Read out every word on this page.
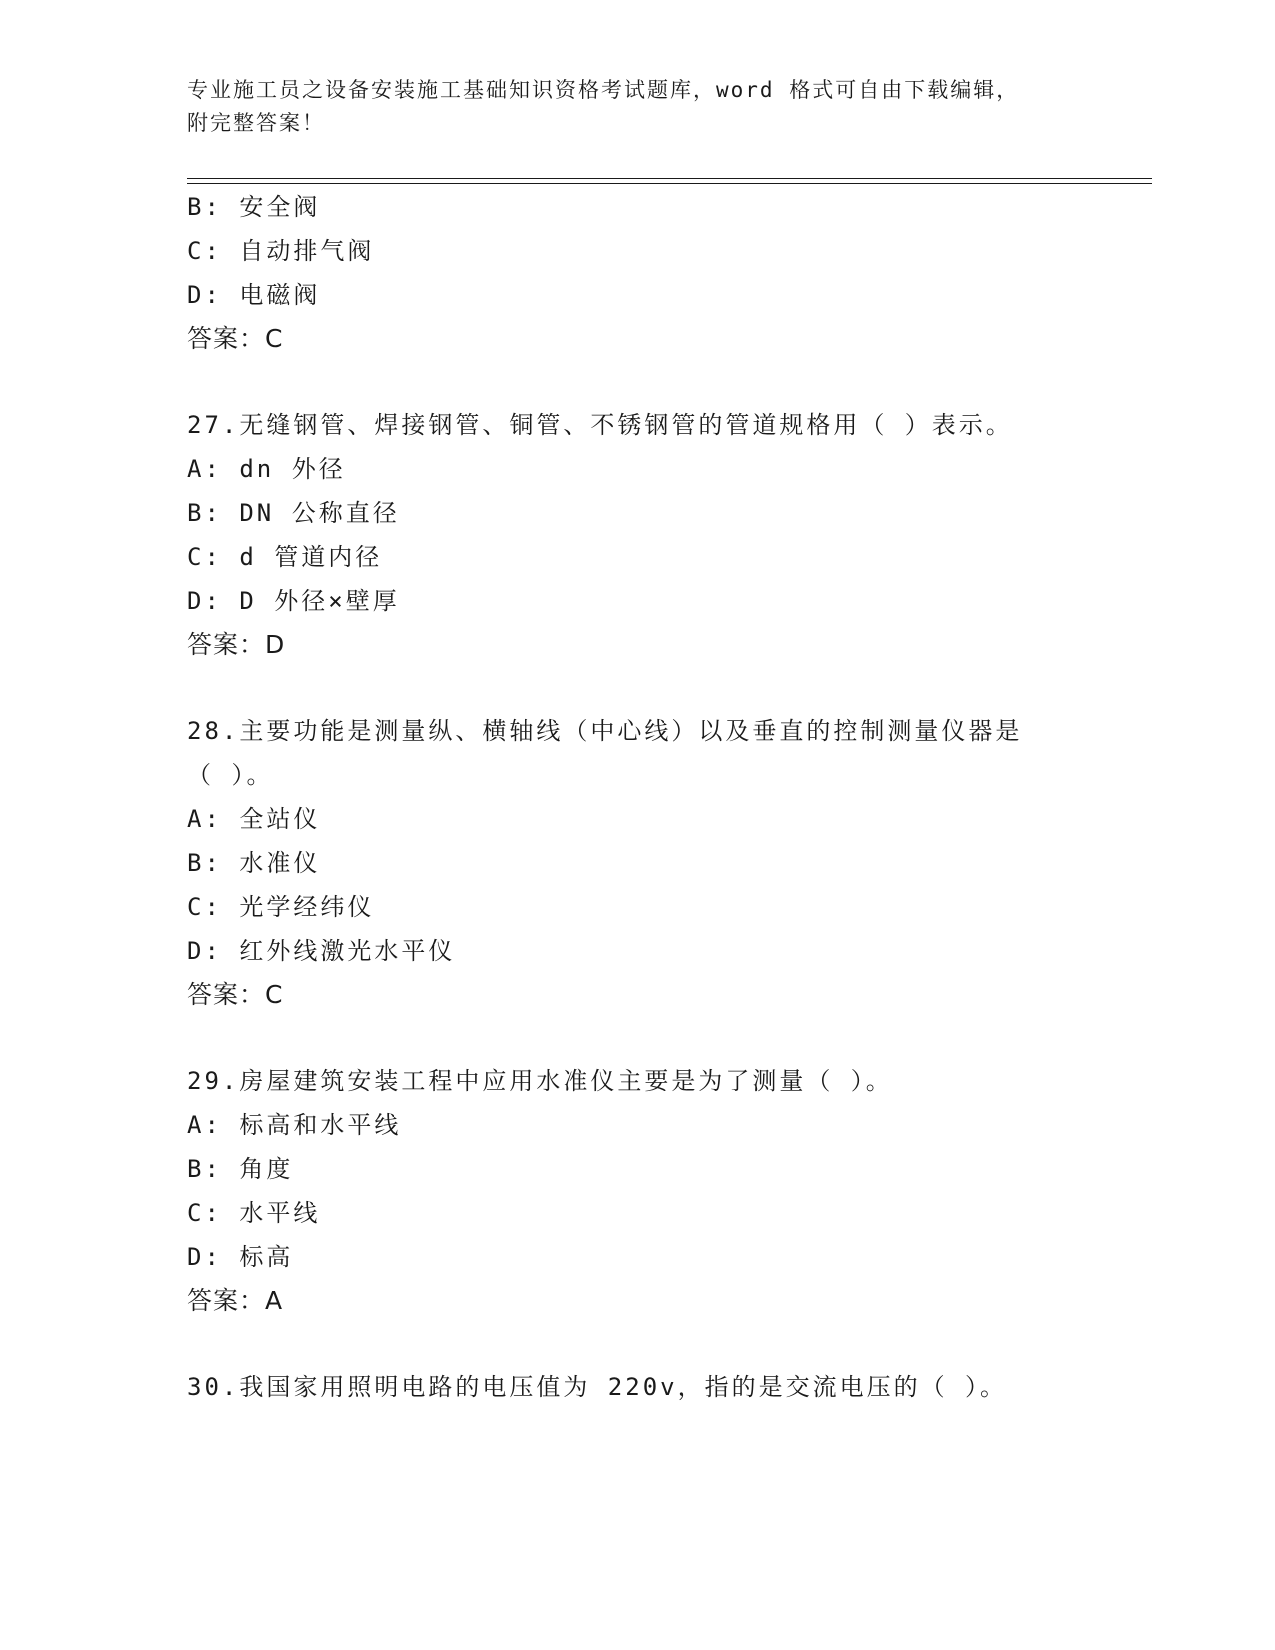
专业施工员之设备安装施工基础知识资格考试题库，word 格式可自由下载编辑，
附完整答案！
B: 安全阀
C: 自动排气阀
D: 电磁阀
答案：C
27.无缝钢管、焊接钢管、铜管、不锈钢管的管道规格用（ ）表示。
A: dn 外径
B: DN 公称直径
C: d 管道内径
D: D 外径×壁厚
答案：D
28.主要功能是测量纵、横轴线（中心线）以及垂直的控制测量仪器是
（ ）。
A: 全站仪
B: 水准仪
C: 光学经纬仪
D: 红外线激光水平仪
答案：C
29.房屋建筑安装工程中应用水准仪主要是为了测量（ ）。
A: 标高和水平线
B: 角度
C: 水平线
D: 标高
答案：A
30.我国家用照明电路的电压值为 220v，指的是交流电压的（ ）。
